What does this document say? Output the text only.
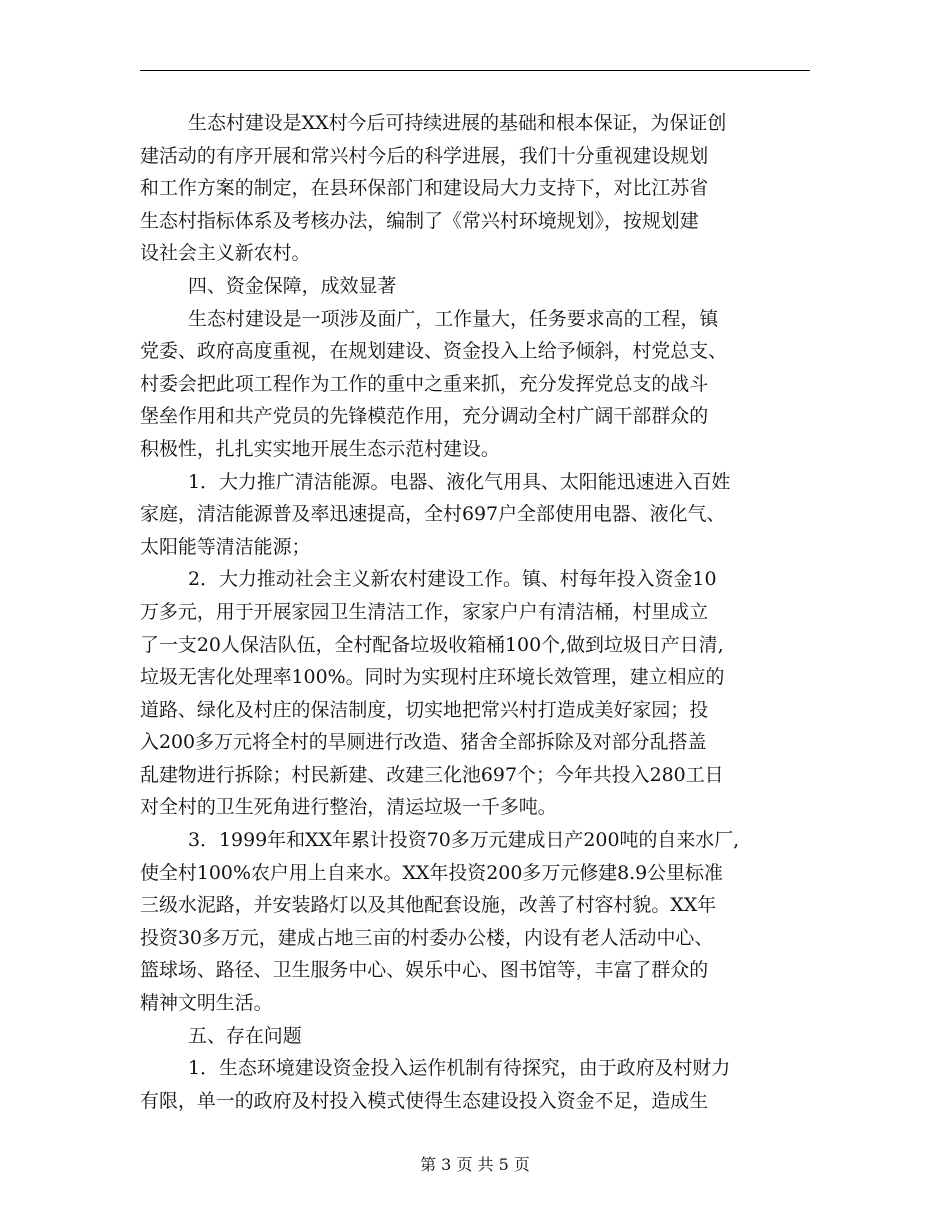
生态村建设是XX村今后可持续进展的基础和根本保证，为保证创
建活动的有序开展和常兴村今后的科学进展，我们十分重视建设规划
和工作方案的制定，在县环保部门和建设局大力支持下，对比江苏省
生态村指标体系及考核办法，编制了《常兴村环境规划》，按规划建
设社会主义新农村。
四、资金保障，成效显著
生态村建设是一项涉及面广，工作量大，任务要求高的工程，镇
党委、政府高度重视，在规划建设、资金投入上给予倾斜，村党总支、
村委会把此项工程作为工作的重中之重来抓，充分发挥党总支的战斗
堡垒作用和共产党员的先锋模范作用，充分调动全村广阔干部群众的
积极性，扎扎实实地开展生态示范村建设。
1．大力推广清洁能源。电器、液化气用具、太阳能迅速进入百姓
家庭，清洁能源普及率迅速提高，全村697户全部使用电器、液化气、
太阳能等清洁能源；
2．大力推动社会主义新农村建设工作。镇、村每年投入资金10
万多元，用于开展家园卫生清洁工作，家家户户有清洁桶，村里成立
了一支20人保洁队伍，全村配备垃圾收箱桶100个,做到垃圾日产日清,
垃圾无害化处理率100%。同时为实现村庄环境长效管理，建立相应的
道路、绿化及村庄的保洁制度，切实地把常兴村打造成美好家园；投
入200多万元将全村的旱厕进行改造、猪舍全部拆除及对部分乱搭盖
乱建物进行拆除；村民新建、改建三化池697个；今年共投入280工日
对全村的卫生死角进行整治，清运垃圾一千多吨。
3．1999年和XX年累计投资70多万元建成日产200吨的自来水厂,
使全村100%农户用上自来水。XX年投资200多万元修建8.9公里标准
三级水泥路，并安装路灯以及其他配套设施，改善了村容村貌。XX年
投资30多万元，建成占地三亩的村委办公楼，内设有老人活动中心、
篮球场、路径、卫生服务中心、娱乐中心、图书馆等，丰富了群众的
精神文明生活。
五、存在问题
1．生态环境建设资金投入运作机制有待探究，由于政府及村财力
有限，单一的政府及村投入模式使得生态建设投入资金不足，造成生
第 3 页 共 5 页
